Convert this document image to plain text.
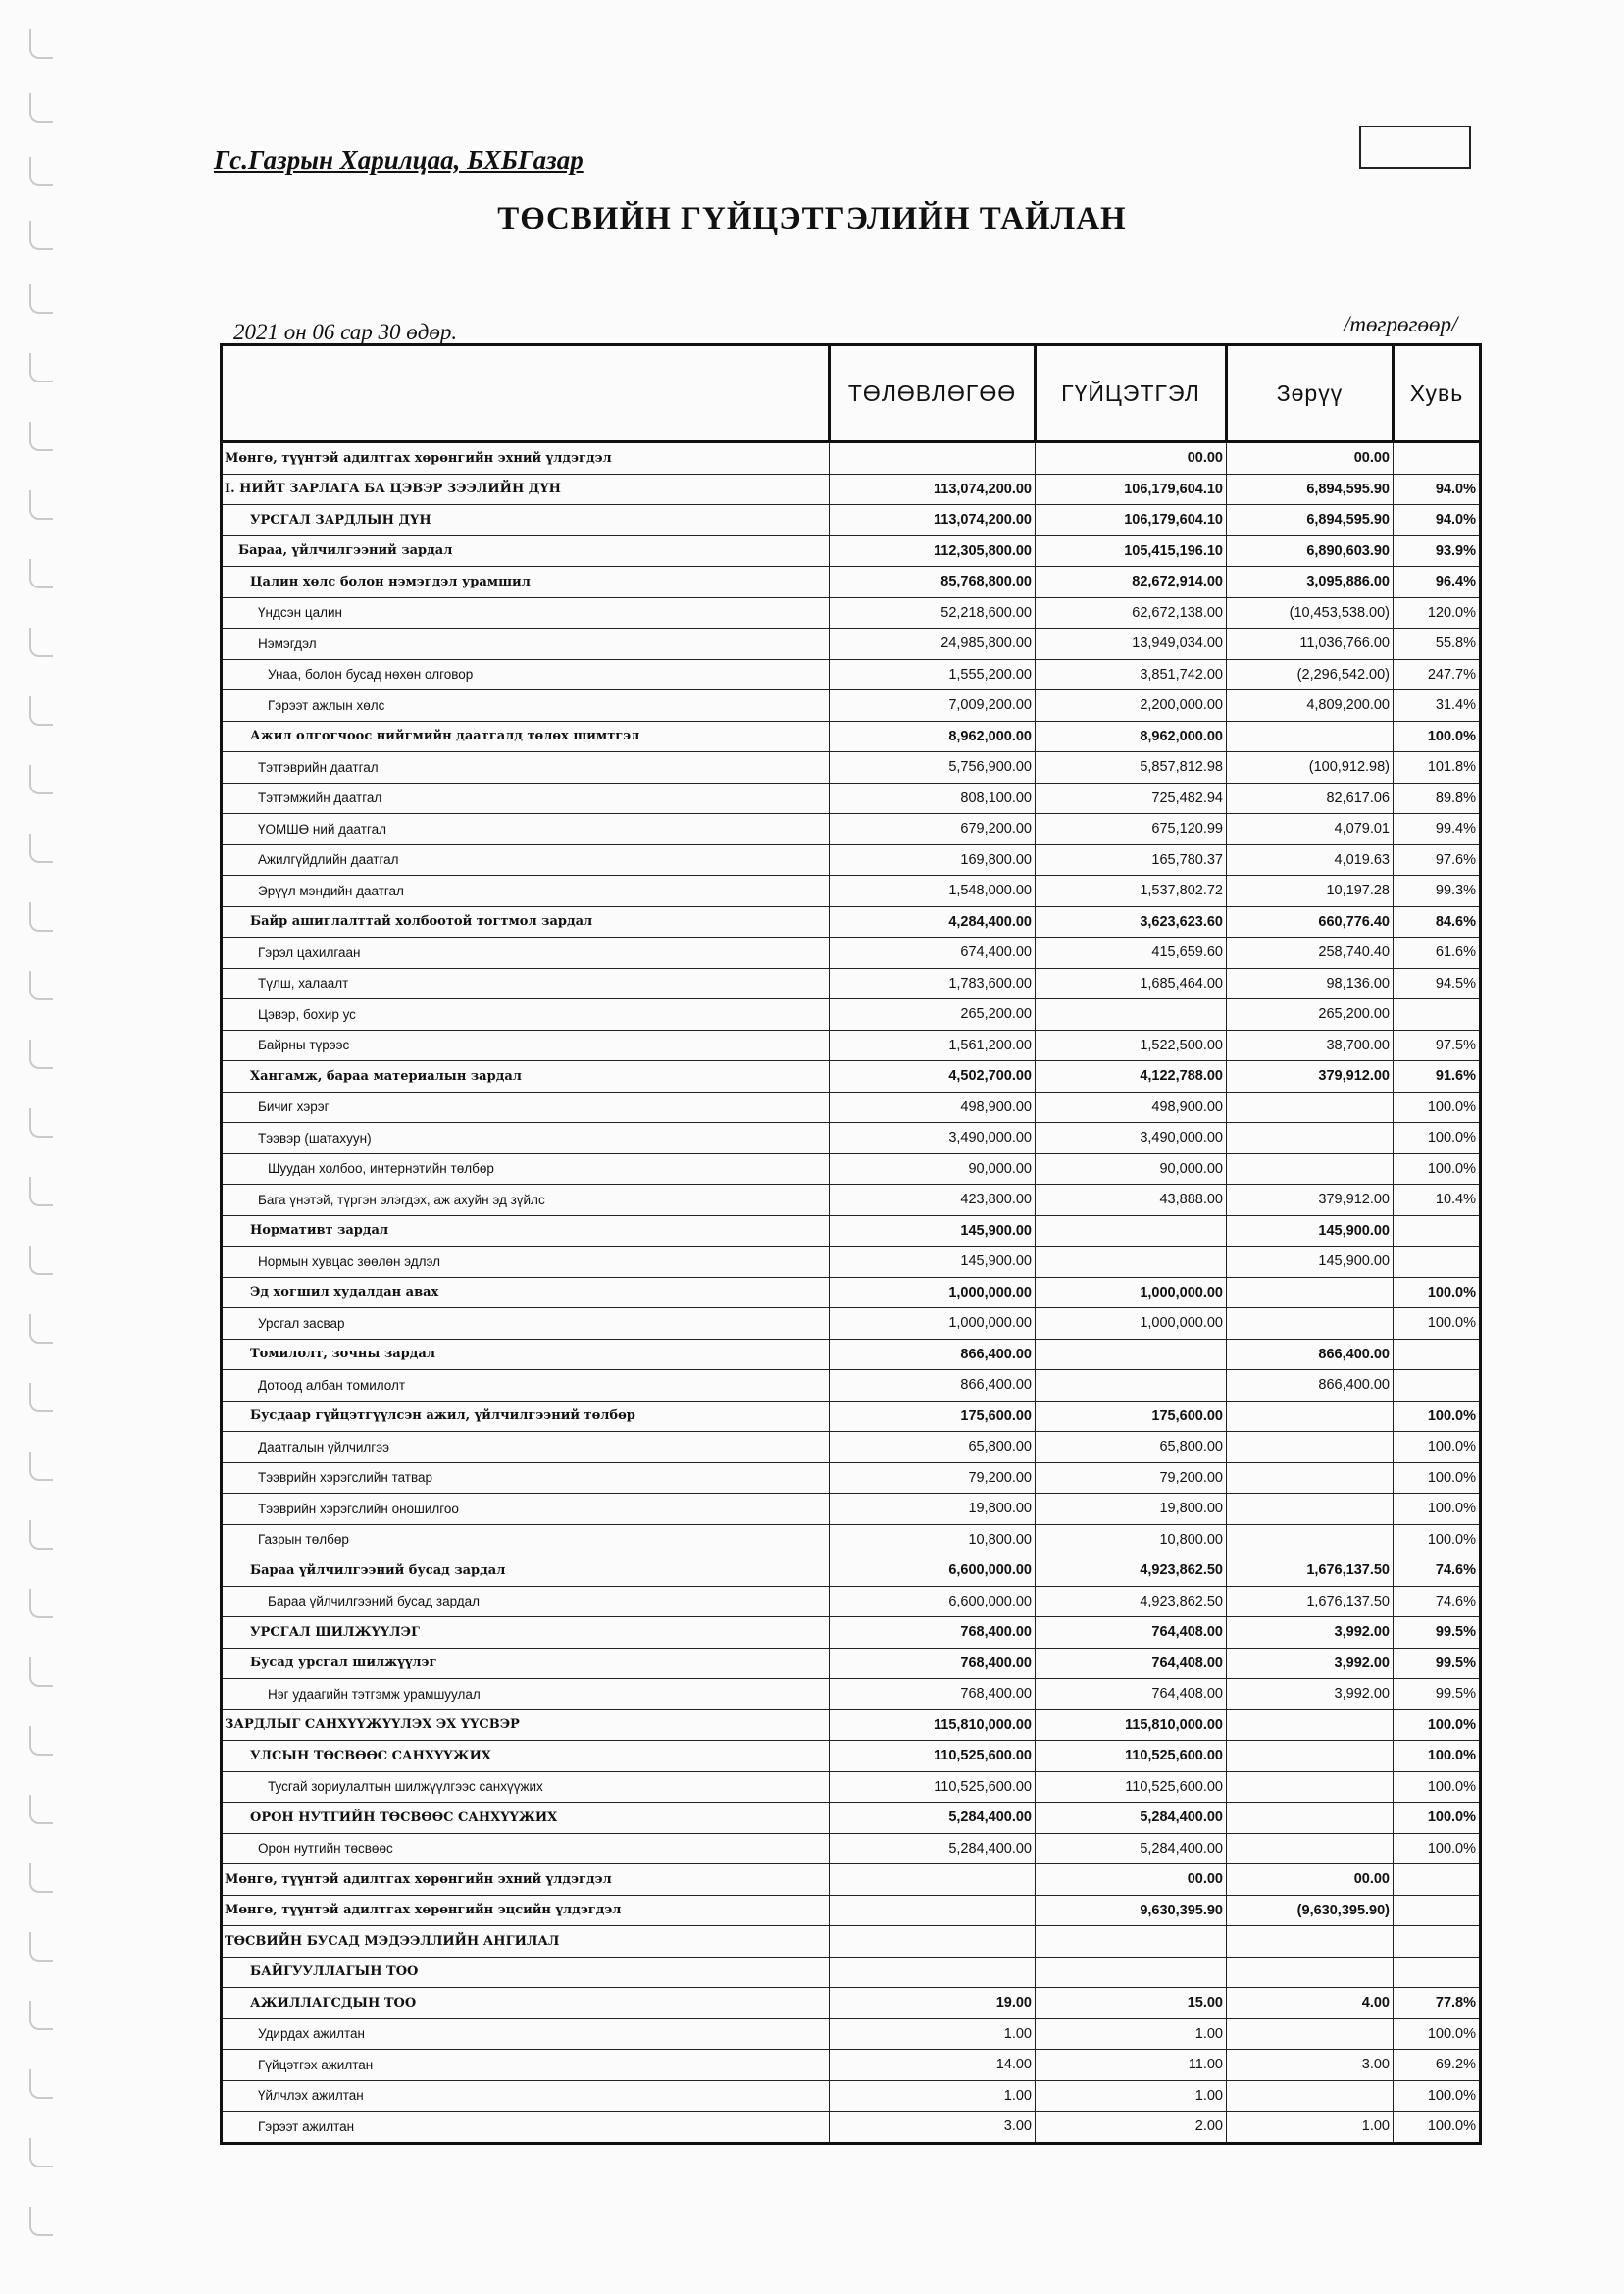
Гс.Газрын Харилцаа, БХБГазар
ТӨСВИЙН ГҮЙЦЭТГЭЛИЙН ТАЙЛАН
2021 он 06 сар 30 өдөр.	/төгрөгөөр/
	ТӨЛӨВЛӨГӨӨ	ГҮЙЦЭТГЭЛ	Зөрүү	Хувь
Мөнгө, түүнтэй адилтгах хөрөнгийн эхний үлдэгдэл		00.00	00.00	
I. НИЙТ ЗАРЛАГА БА ЦЭВЭР ЗЭЭЛИЙН ДҮН	113,074,200.00	106,179,604.10	6,894,595.90	94.0%
УРСГАЛ ЗАРДЛЫН ДҮН	113,074,200.00	106,179,604.10	6,894,595.90	94.0%
Бараа, үйлчилгээний зардал	112,305,800.00	105,415,196.10	6,890,603.90	93.9%
Цалин хөлс болон нэмэгдэл урамшил	85,768,800.00	82,672,914.00	3,095,886.00	96.4%
Үндсэн цалин	52,218,600.00	62,672,138.00	(10,453,538.00)	120.0%
Нэмэгдэл	24,985,800.00	13,949,034.00	11,036,766.00	55.8%
Унаа, болон бусад нөхөн олговор	1,555,200.00	3,851,742.00	(2,296,542.00)	247.7%
Гэрээт ажлын хөлс	7,009,200.00	2,200,000.00	4,809,200.00	31.4%
Ажил олгогчоос нийгмийн даатгалд төлөх шимтгэл	8,962,000.00	8,962,000.00		100.0%
Тэтгэврийн даатгал	5,756,900.00	5,857,812.98	(100,912.98)	101.8%
Тэтгэмжийн даатгал	808,100.00	725,482.94	82,617.06	89.8%
ҮОМШӨ ний даатгал	679,200.00	675,120.99	4,079.01	99.4%
Ажилгүйдлийн даатгал	169,800.00	165,780.37	4,019.63	97.6%
Эрүүл мэндийн даатгал	1,548,000.00	1,537,802.72	10,197.28	99.3%
Байр ашиглалттай холбоотой тогтмол зардал	4,284,400.00	3,623,623.60	660,776.40	84.6%
Гэрэл цахилгаан	674,400.00	415,659.60	258,740.40	61.6%
Түлш, халаалт	1,783,600.00	1,685,464.00	98,136.00	94.5%
Цэвэр, бохир ус	265,200.00		265,200.00	
Байрны түрээс	1,561,200.00	1,522,500.00	38,700.00	97.5%
Хангамж, бараа материалын зардал	4,502,700.00	4,122,788.00	379,912.00	91.6%
Бичиг хэрэг	498,900.00	498,900.00		100.0%
Тээвэр (шатахуун)	3,490,000.00	3,490,000.00		100.0%
Шуудан холбоо, интернэтийн төлбөр	90,000.00	90,000.00		100.0%
Бага үнэтэй, түргэн элэгдэх, аж ахуйн эд зүйлс	423,800.00	43,888.00	379,912.00	10.4%
Нормативт зардал	145,900.00		145,900.00	
Нормын хувцас зөөлөн эдлэл	145,900.00		145,900.00	
Эд хогшил худалдан авах	1,000,000.00	1,000,000.00		100.0%
Урсгал засвар	1,000,000.00	1,000,000.00		100.0%
Томилолт, зочны зардал	866,400.00		866,400.00	
Дотоод албан томилолт	866,400.00		866,400.00	
Бусдаар гүйцэтгүүлсэн ажил, үйлчилгээний төлбөр	175,600.00	175,600.00		100.0%
Даатгалын үйлчилгээ	65,800.00	65,800.00		100.0%
Тээврийн хэрэгслийн татвар	79,200.00	79,200.00		100.0%
Тээврийн хэрэгслийн оношилгоо	19,800.00	19,800.00		100.0%
Газрын төлбөр	10,800.00	10,800.00		100.0%
Бараа үйлчилгээний бусад зардал	6,600,000.00	4,923,862.50	1,676,137.50	74.6%
Бараа үйлчилгээний бусад зардал	6,600,000.00	4,923,862.50	1,676,137.50	74.6%
УРСГАЛ ШИЛЖҮҮЛЭГ	768,400.00	764,408.00	3,992.00	99.5%
Бусад урсгал шилжүүлэг	768,400.00	764,408.00	3,992.00	99.5%
Нэг удаагийн тэтгэмж урамшуулал	768,400.00	764,408.00	3,992.00	99.5%
ЗАРДЛЫГ САНХҮҮЖҮҮЛЭХ ЭХ ҮҮСВЭР	115,810,000.00	115,810,000.00		100.0%
УЛСЫН ТӨСВӨӨС САНХҮҮЖИХ	110,525,600.00	110,525,600.00		100.0%
Тусгай зориулалтын шилжүүлгээс санхүүжих	110,525,600.00	110,525,600.00		100.0%
ОРОН НУТГИЙН ТӨСВӨӨС САНХҮҮЖИХ	5,284,400.00	5,284,400.00		100.0%
Орон нутгийн төсвөөс	5,284,400.00	5,284,400.00		100.0%
Мөнгө, түүнтэй адилтгах хөрөнгийн эхний үлдэгдэл		00.00	00.00	
Мөнгө, түүнтэй адилтгах хөрөнгийн эцсийн үлдэгдэл		9,630,395.90	(9,630,395.90)	
ТӨСВИЙН БУСАД МЭДЭЭЛЛИЙН АНГИЛАЛ				
БАЙГУУЛЛАГЫН ТОО				
АЖИЛЛАГСДЫН ТОО	19.00	15.00	4.00	77.8%
Удирдах ажилтан	1.00	1.00		100.0%
Гүйцэтгэх ажилтан	14.00	11.00	3.00	69.2%
Үйлчлэх ажилтан	1.00	1.00		100.0%
Гэрээт ажилтан	3.00	2.00	1.00	100.0%
